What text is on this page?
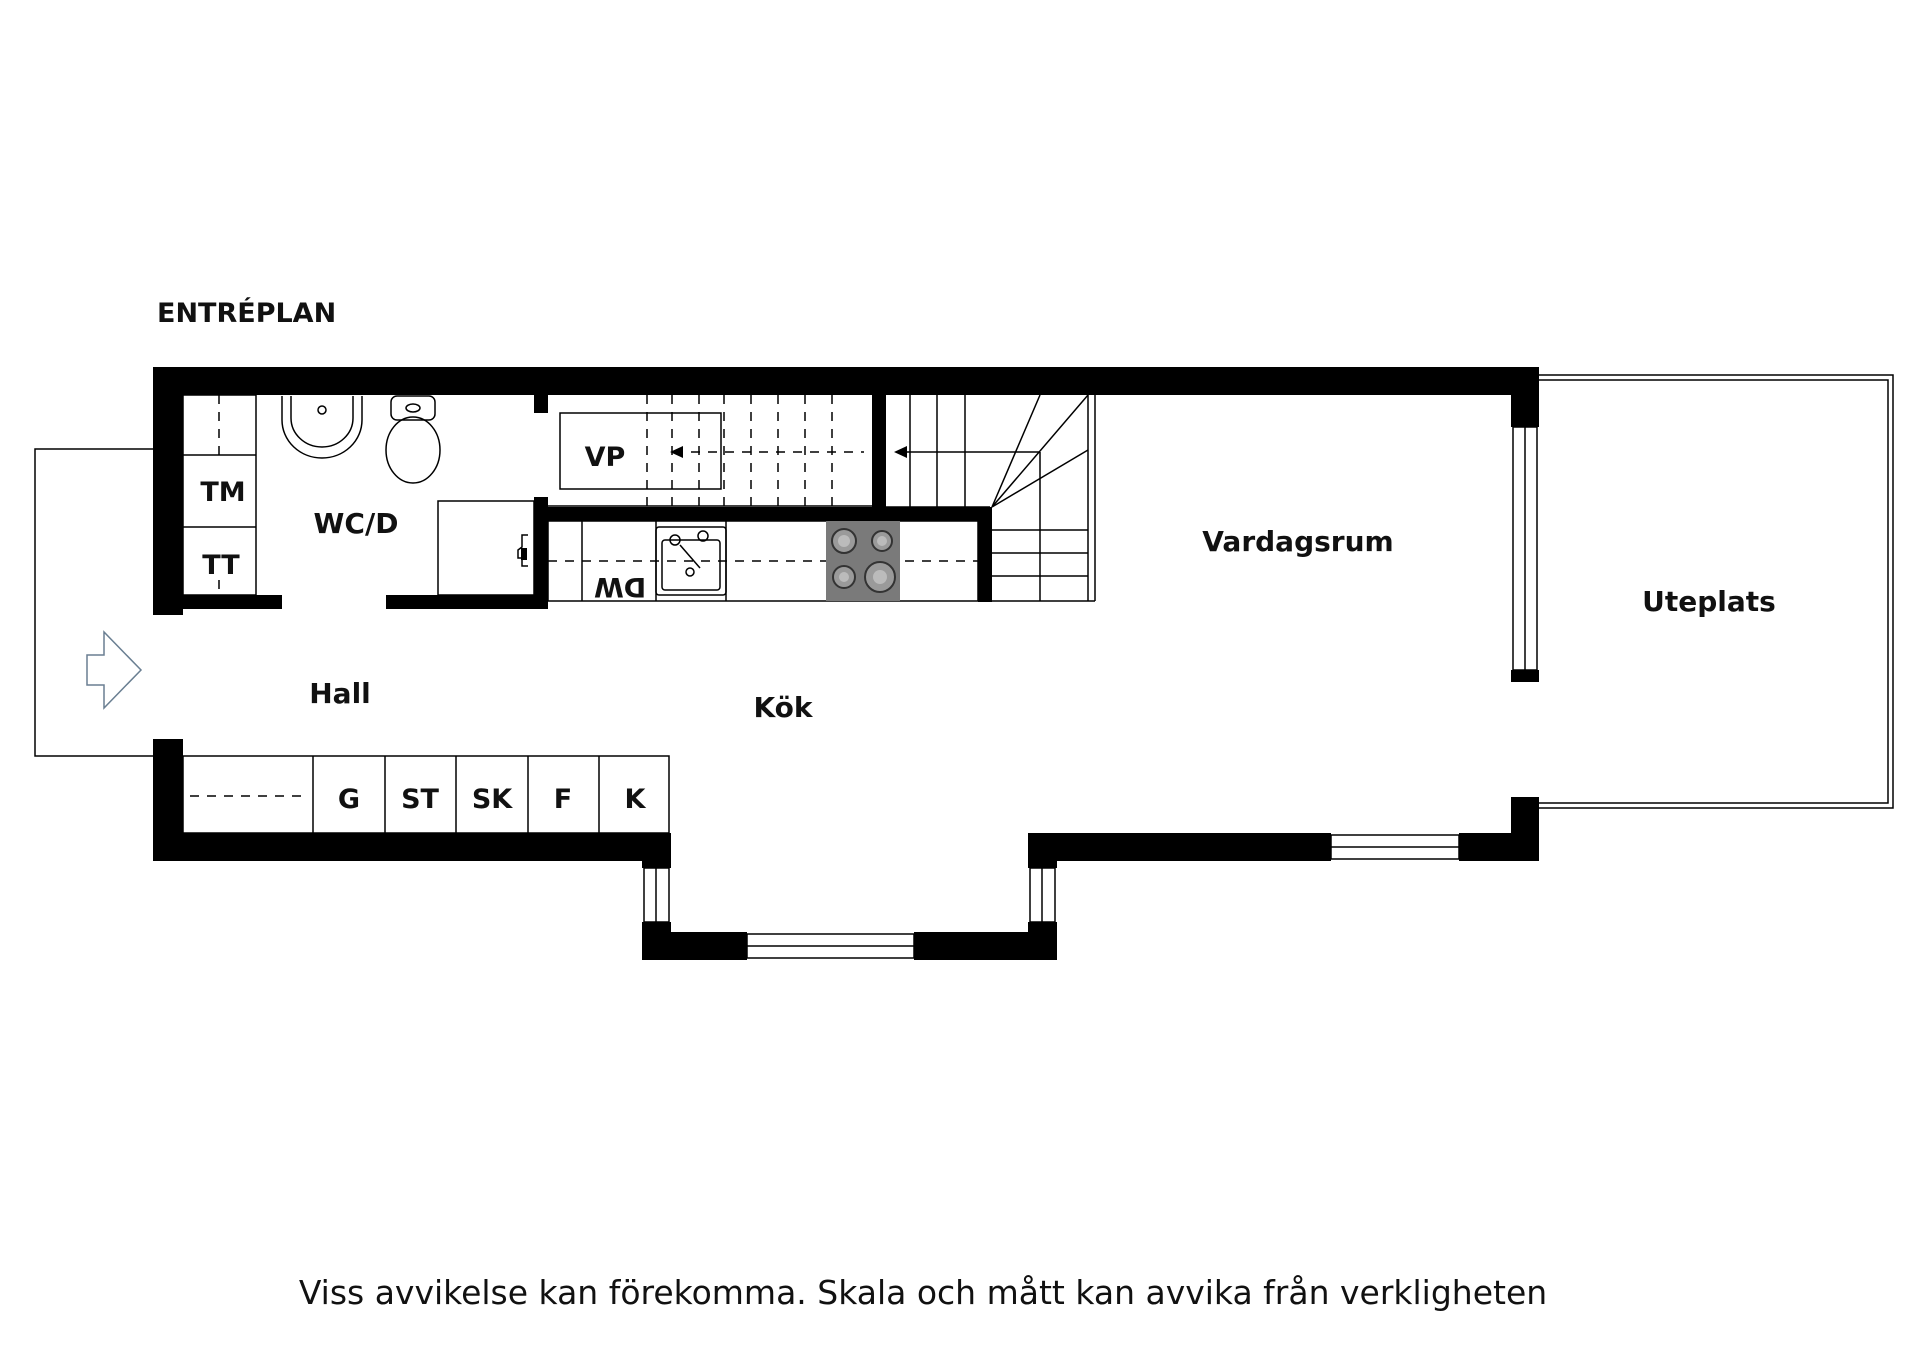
ENTRÉPLAN
TM
TT
VP
DW
G ST SK F K
WC/D
Hall	Kök
Vardagsrum
Uteplats
Viss avvikelse kan förekomma. Skala och mått kan avvika från verkligheten
